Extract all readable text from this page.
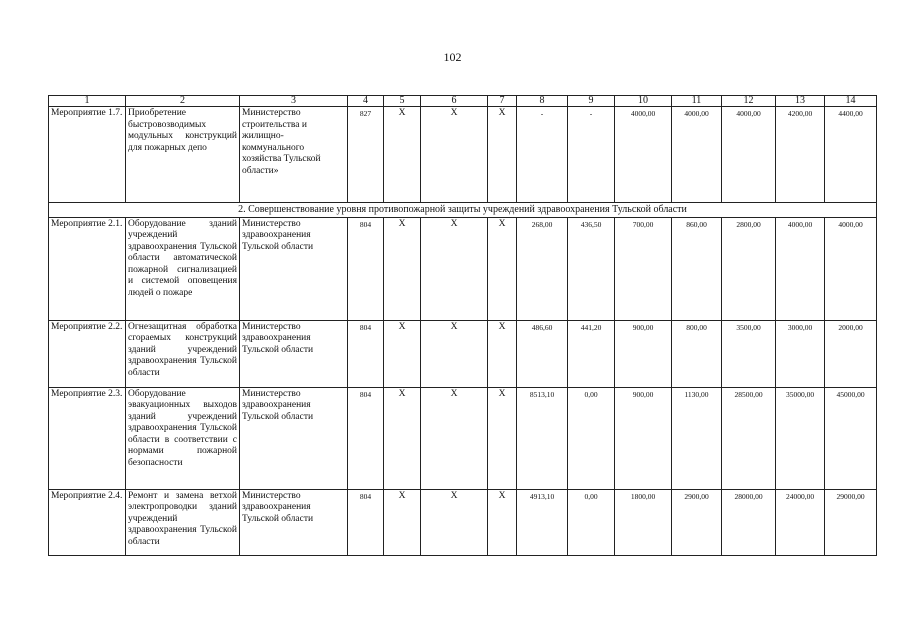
102
1	2	3	4	5	6	7	8	9	10	11	12	13	14
Мероприятие 1.7.	Приобретение быстровозводимых модульных конструкций для пожарных депо	Министерство строительства и жилищно-коммунального хозяйства Тульской области»	827	Х	Х	Х	-	-	4000,00	4000,00	4000,00	4200,00	4400,00
2. Совершенствование уровня противопожарной защиты учреждений здравоохранения Тульской области													
Мероприятие 2.1.	Оборудование зданий учреждений здравоохранения Тульской области автоматической пожарной сигнализацией и системой оповещения людей о пожаре	Министерство здравоохранения Тульской области	804	Х	Х	Х	268,00	436,50	700,00	860,00	2800,00	4000,00	4000,00
Мероприятие 2.2.	Огнезащитная обработка сгораемых конструкций зданий учреждений здравоохранения Тульской области	Министерство здравоохранения Тульской области	804	Х	Х	Х	486,60	441,20	900,00	800,00	3500,00	3000,00	2000,00
Мероприятие 2.3.	Оборудование эвакуационных выходов зданий учреждений здравоохранения Тульской области в соответствии с нормами пожарной безопасности	Министерство здравоохранения Тульской области	804	Х	Х	Х	8513,10	0,00	900,00	1130,00	28500,00	35000,00	45000,00
Мероприятие 2.4.	Ремонт и замена ветхой электропроводки зданий учреждений здравоохранения Тульской области	Министерство здравоохранения Тульской области	804	Х	Х	Х	4913,10	0,00	1800,00	2900,00	28000,00	24000,00	29000,00
